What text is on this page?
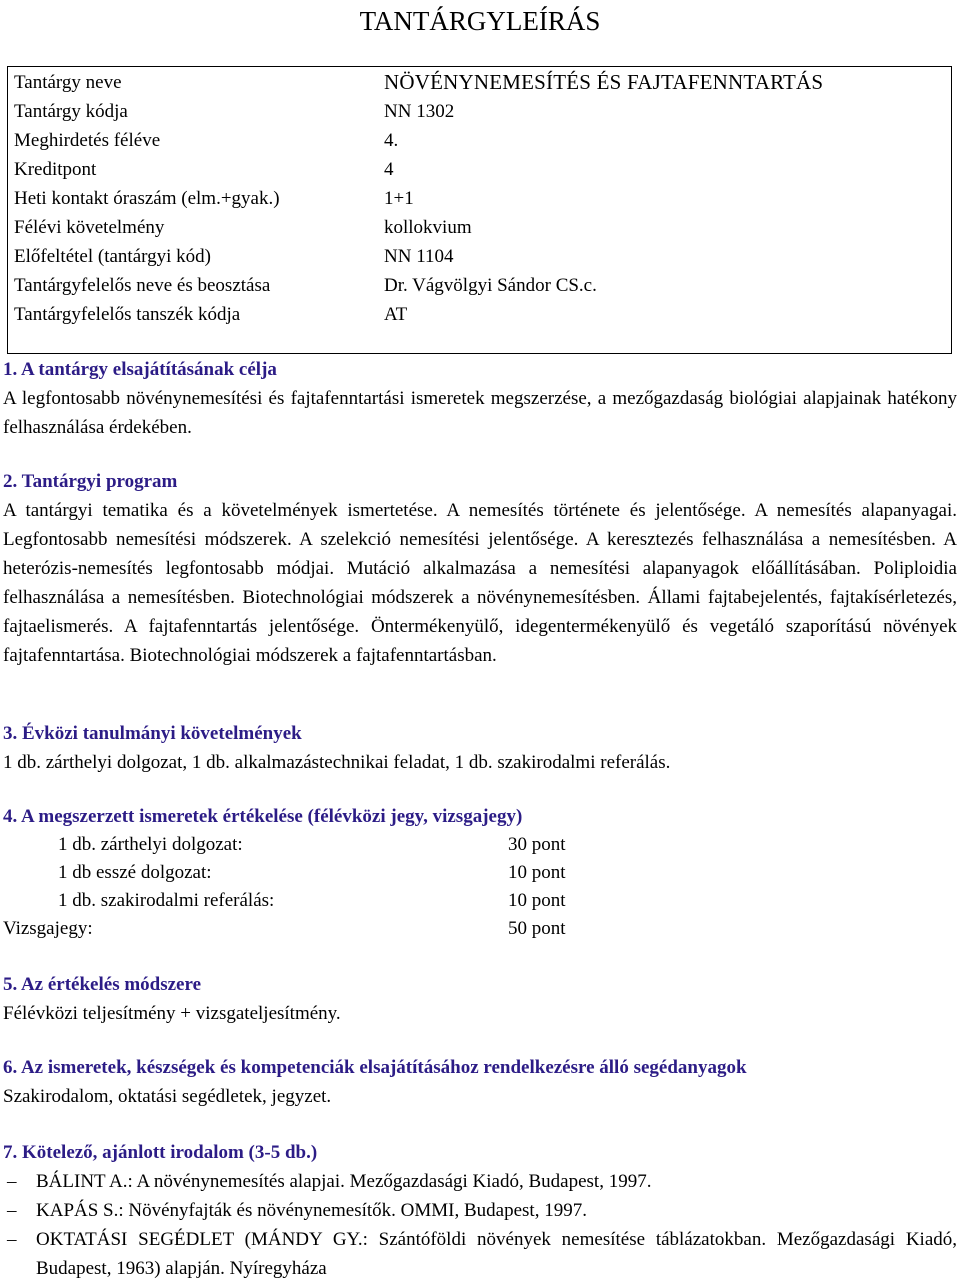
TANTÁRGYLEÍRÁS
Tantárgy neve	NÖVÉNYNEMESÍTÉS ÉS FAJTAFENNTARTÁS
Tantárgy kódja	NN 1302
Meghirdetés féléve	4.
Kreditpont	4
Heti kontakt óraszám (elm.+gyak.)	1+1
Félévi követelmény	kollokvium
Előfeltétel (tantárgyi kód)	NN 1104
Tantárgyfelelős neve és beosztása	Dr. Vágvölgyi Sándor CS.c.
Tantárgyfelelős tanszék kódja	AT

1. A tantárgy elsajátításának célja

A legfontosabb növénynemesítési és fajtafenntartási ismeretek megszerzése, a mezőgazdaság biológiai alapjainak hatékony felhasználása érdekében.

2. Tantárgyi program

A tantárgyi tematika és a követelmények ismertetése. A nemesítés története és jelentősége. A nemesítés alapanyagai. Legfontosabb nemesítési módszerek. A szelekció nemesítési jelentősége. A keresztezés felhasználása a nemesítésben. A heterózis-nemesítés legfontosabb módjai. Mutáció alkalmazása a nemesítési alapanyagok előállításában. Poliploidia felhasználása a nemesítésben. Biotechnológiai módszerek a növénynemesítésben. Állami fajtabejelentés, fajtakísérletezés, fajtaelismerés. A fajtafenntartás jelentősége. Öntermékenyülő, idegentermékenyülő és vegetáló szaporítású növények fajtafenntartása. Biotechnológiai módszerek a fajtafenntartásban.

3. Évközi tanulmányi követelmények

1 db. zárthelyi dolgozat, 1 db. alkalmazástechnikai feladat, 1 db. szakirodalmi referálás.

4. A megszerzett ismeretek értékelése (félévközi jegy, vizsgajegy)

1 db. zárthelyi dolgozat:	30 pont
1 db esszé dolgozat:	10 pont
1 db. szakirodalmi referálás:	10 pont
Vizsgajegy:	50 pont

5. Az értékelés módszere

Félévközi teljesítmény + vizsgateljesítmény.

6. Az ismeretek, készségek és kompetenciák elsajátításához rendelkezésre álló segédanyagok

Szakirodalom, oktatási segédletek, jegyzet.

7. Kötelező, ajánlott irodalom (3-5 db.)

– BÁLINT A.: A növénynemesítés alapjai. Mezőgazdasági Kiadó, Budapest, 1997.
– KAPÁS S.: Növényfajták és növénynemesítők. OMMI, Budapest, 1997.
– OKTATÁSI SEGÉDLET (MÁNDY GY.: Szántóföldi növények nemesítése táblázatokban. Mezőgazdasági Kiadó, Budapest, 1963) alapján. Nyíregyháza
